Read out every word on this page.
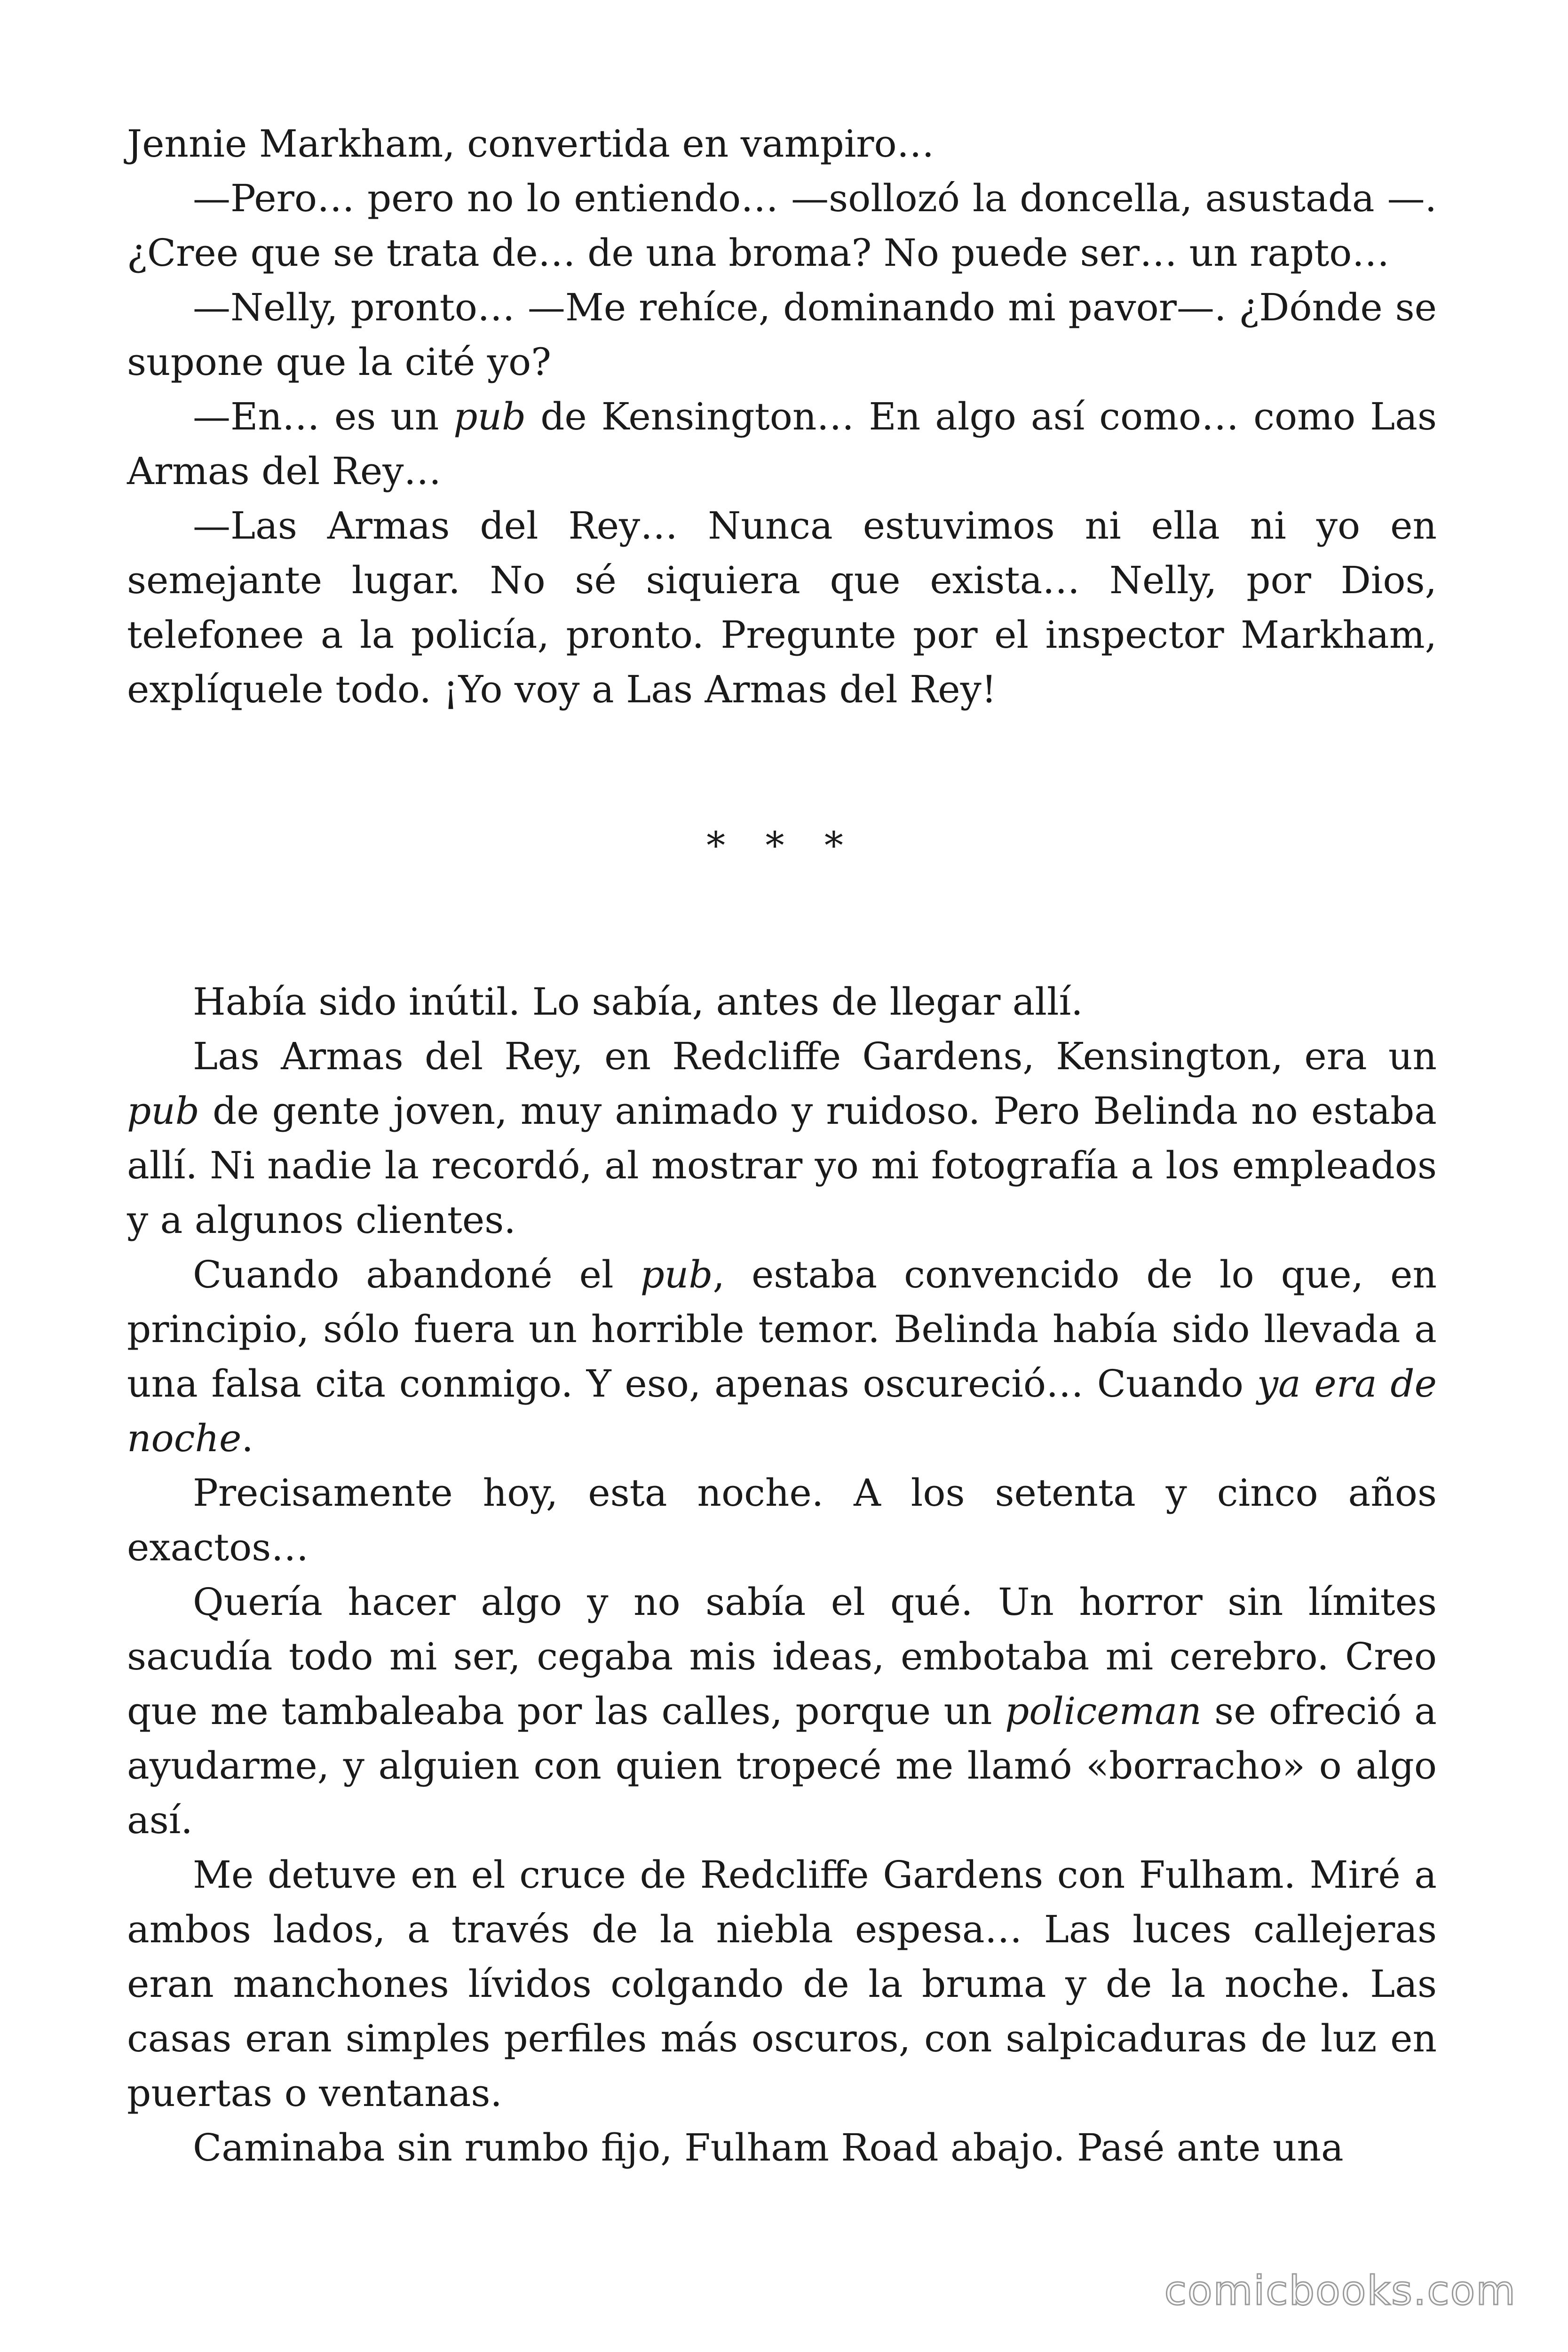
Jennie Markham, convertida en vampiro…

—Pero… pero no lo entiendo… —sollozó la doncella, asustada —. ¿Cree que se trata de… de una broma? No puede ser… un rapto…

—Nelly, pronto… —Me rehíce, dominando mi pavor—. ¿Dónde se supone que la cité yo?

—En… es un pub de Kensington… En algo así como… como Las Armas del Rey…

—Las Armas del Rey… Nunca estuvimos ni ella ni yo en semejante lugar. No sé siquiera que exista… Nelly, por Dios, telefonee a la policía, pronto. Pregunte por el inspector Markham, explíquele todo. ¡Yo voy a Las Armas del Rey!

* * *

Había sido inútil. Lo sabía, antes de llegar allí.

Las Armas del Rey, en Redcliffe Gardens, Kensington, era un pub de gente joven, muy animado y ruidoso. Pero Belinda no estaba allí. Ni nadie la recordó, al mostrar yo mi fotografía a los empleados y a algunos clientes.

Cuando abandoné el pub, estaba convencido de lo que, en principio, sólo fuera un horrible temor. Belinda había sido llevada a una falsa cita conmigo. Y eso, apenas oscureció… Cuando ya era de noche.

Precisamente hoy, esta noche. A los setenta y cinco años exactos…

Quería hacer algo y no sabía el qué. Un horror sin límites sacudía todo mi ser, cegaba mis ideas, embotaba mi cerebro. Creo que me tambaleaba por las calles, porque un policeman se ofreció a ayudarme, y alguien con quien tropecé me llamó «borracho» o algo así.

Me detuve en el cruce de Redcliffe Gardens con Fulham. Miré a ambos lados, a través de la niebla espesa… Las luces callejeras eran manchones lívidos colgando de la bruma y de la noche. Las casas eran simples perfiles más oscuros, con salpicaduras de luz en puertas o ventanas.

Caminaba sin rumbo fijo, Fulham Road abajo. Pasé ante una

comicbooks.com
